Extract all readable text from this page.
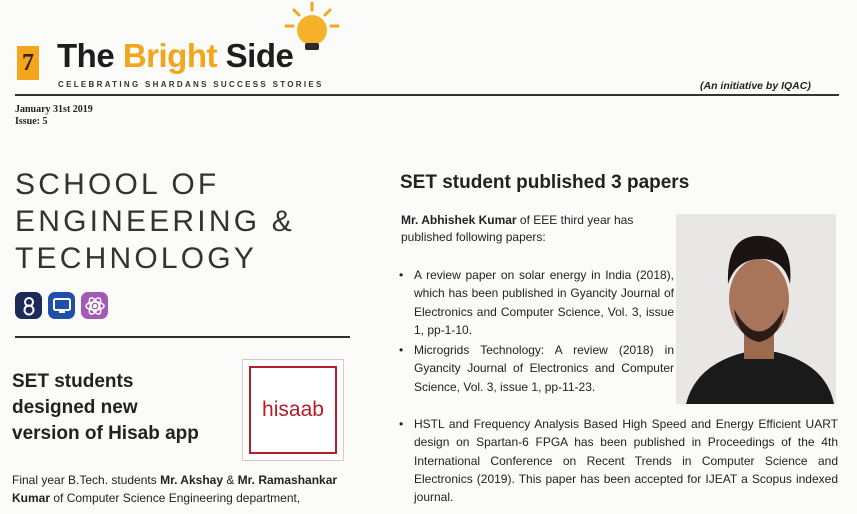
7 The Bright Side
CELEBRATING SHARDANS SUCCESS STORIES	(An initiative by IQAC)
January 31st 2019
Issue: 5
SCHOOL OF
ENGINEERING &
TECHNOLOGY
SET students
designed new
version of Hisab app
hisaab
Final year B.Tech. students Mr. Akshay & Mr. Ramashankar Kumar of Computer Science Engineering department,
SET student published 3 papers
Mr. Abhishek Kumar of EEE third year has published following papers:
• A review paper on solar energy in India (2018), which has been published in Gyancity Journal of Electronics and Computer Science, Vol. 3, issue 1, pp-1-10.
• Microgrids Technology: A review (2018) in Gyancity Journal of Electronics and Computer Science, Vol. 3, issue 1, pp-11-23.
• HSTL and Frequency Analysis Based High Speed and Energy Efficient UART design on Spartan-6 FPGA has been published in Proceedings of the 4th International Conference on Recent Trends in Computer Science and Electronics (2019). This paper has been accepted for IJEAT a Scopus indexed journal.
